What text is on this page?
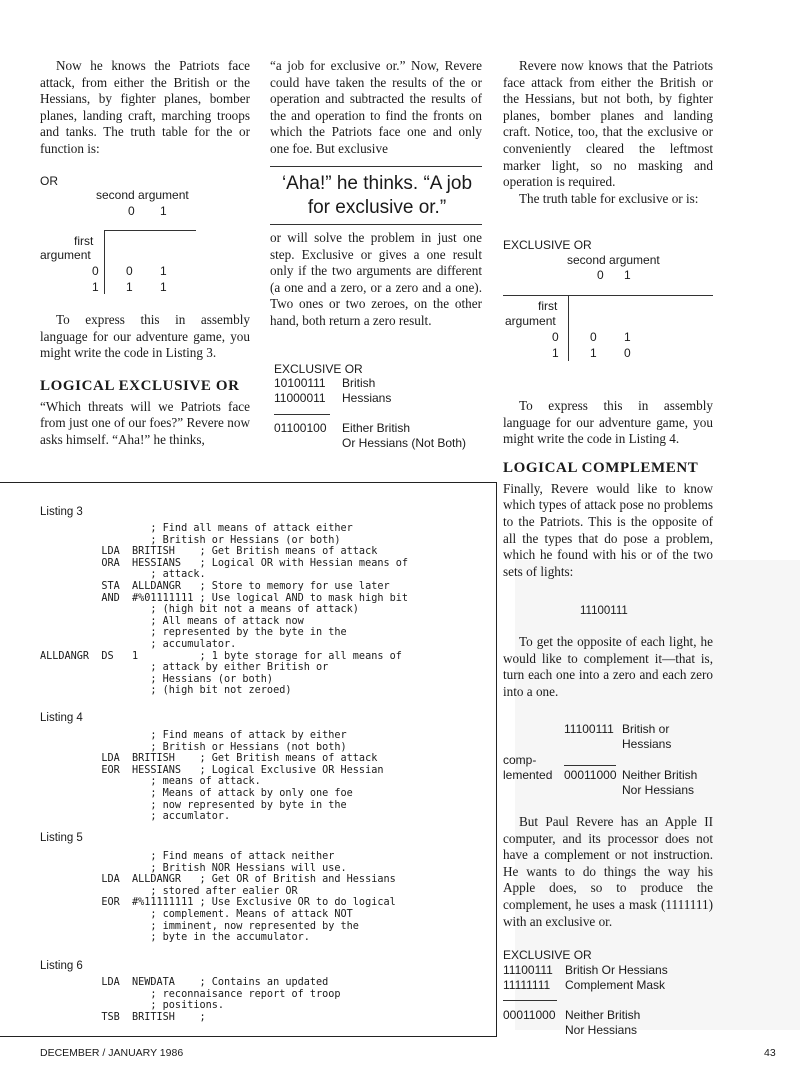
Now he knows the Patriots face attack, from either the British or the Hessians, by fighter planes, bomber planes, landing craft, marching troops and tanks. The truth table for the or function is:

OR
second argument
0 1
first
argument
0 0 1
1 1 1

To express this in assembly language for our adventure game, you might write the code in Listing 3.

LOGICAL EXCLUSIVE OR

“Which threats will we Patriots face from just one of our foes?” Revere now asks himself. “Aha!” he thinks,

“a job for exclusive or.” Now, Revere could have taken the results of the or operation and subtracted the results of the and operation to find the fronts on which the Patriots face one and only one foe. But exclusive

‘Aha!” he thinks. “A job for exclusive or.”

or will solve the problem in just one step. Exclusive or gives a one result only if the two arguments are different (a one and a zero, or a zero and a one). Two ones or two zeroes, on the other hand, both return a zero result.

EXCLUSIVE OR
10100111 British
11000011 Hessians
01100100 Either British
Or Hessians (Not Both)

Revere now knows that the Patriots face attack from either the British or the Hessians, but not both, by fighter planes, bomber planes and landing craft. Notice, too, that the exclusive or conveniently cleared the leftmost marker light, so no masking and operation is required.

The truth table for exclusive or is:

EXCLUSIVE OR
second argument
0 1
first
argument
0	0 1
1	1 0

To express this in assembly language for our adventure game, you might write the code in Listing 4.

LOGICAL COMPLEMENT

Finally, Revere would like to know which types of attack pose no problems to the Patriots. This is the opposite of all the types that do pose a problem, which he found with his or of the two sets of lights:

11100111

To get the opposite of each light, he would like to complement it—that is, turn each one into a zero and each zero into a one.

11100111 British or
Hessians
comp-
lemented 00011000 Neither British
Nor Hessians

But Paul Revere has an Apple II computer, and its processor does not have a complement or not instruction. He wants to do things the way his Apple does, so to produce the complement, he uses a mask (1111111) with an exclusive or.

EXCLUSIVE OR
11100111 British Or Hessians
11111111 Complement Mask
00011000 Neither British
Nor Hessians
Listing 3
; Find all means of attack either
; British or Hessians (or both)
LDA  BRITISH    ; Get British means of attack
ORA  HESSIANS   ; Logical OR with Hessian means of
; attack.
STA  ALLDANGR   ; Store to memory for use later
AND  #%01111111 ; Use logical AND to mask high bit
; (high bit not a means of attack)
; All means of attack now
; represented by the byte in the
; accumulator.
ALLDANGR  DS   1          ; 1 byte storage for all means of
; attack by either British or
; Hessians (or both)
; (high bit not zeroed)
Listing 4
; Find means of attack by either
; British or Hessians (not both)
LDA  BRITISH    ; Get British means of attack
EOR  HESSIANS   ; Logical Exclusive OR Hessian
; means of attack.
; Means of attack by only one foe
; now represented by byte in the
; accumlator.
Listing 5
; Find means of attack neither
; British NOR Hessians will use.
LDA  ALLDANGR   ; Get OR of British and Hessians
; stored after ealier OR
EOR  #%11111111 ; Use Exclusive OR to do logical
; complement. Means of attack NOT
; imminent, now represented by the
; byte in the accumulator.
Listing 6
LDA  NEWDATA    ; Contains an updated
; reconnaisance report of troop
; positions.
TSB  BRITISH    ;
DECEMBER / JANUARY 1986	43
